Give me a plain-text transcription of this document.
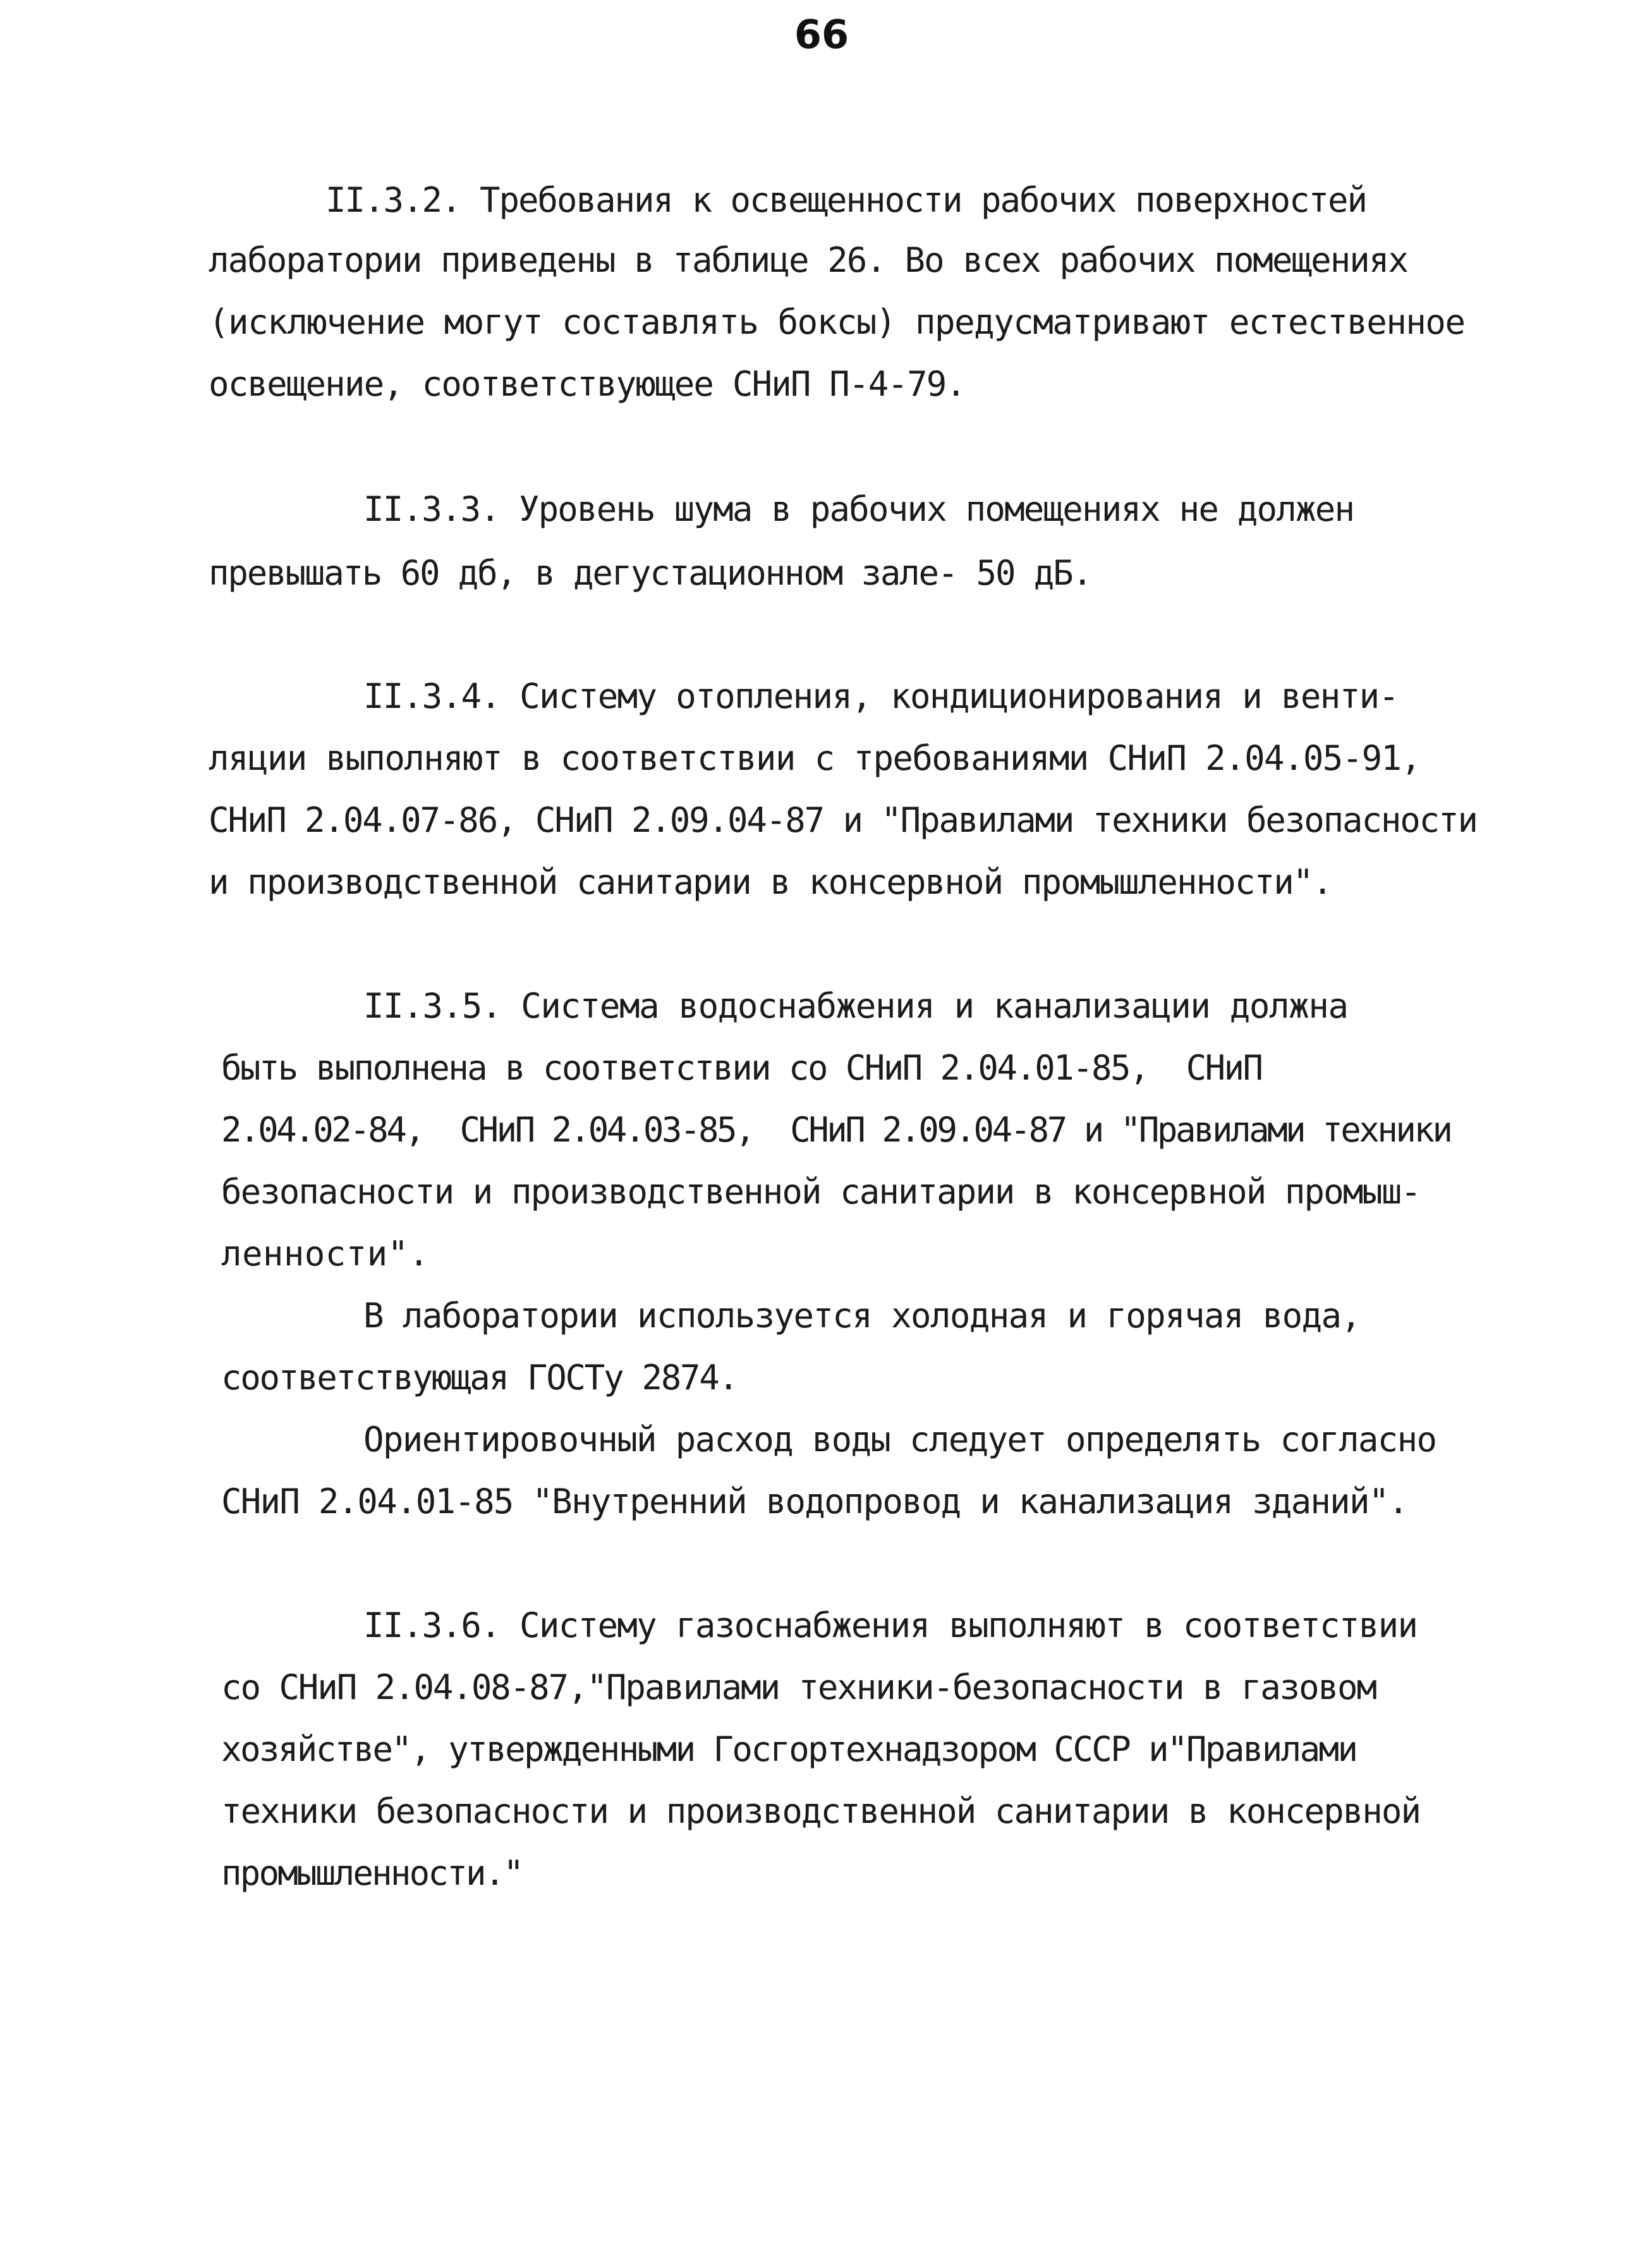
66
II.3.2. Требования к освещенности рабочих поверхностей
лаборатории приведены в таблице 26. Во всех рабочих помещениях
(исключение могут составлять боксы) предусматривают естественное
освещение, соответствующее СНиП П-4-79.
II.3.3. Уровень шума в рабочих помещениях не должен
превышать 60 дб, в дегустационном зале- 50 дБ.
II.3.4. Систему отопления, кондиционирования и венти-
ляции выполняют в соответствии с требованиями СНиП 2.04.05-91,
СНиП 2.04.07-86, СНиП 2.09.04-87 и "Правилами техники безопасности
и производственной санитарии в консервной промышленности".
II.3.5. Система водоснабжения и канализации должна
быть выполнена в соответствии со СНиП 2.04.01-85,  СНиП
2.04.02-84,  СНиП 2.04.03-85,  СНиП 2.09.04-87 и "Правилами техники
безопасности и производственной санитарии в консервной промыш-
ленности".
В лаборатории используется холодная и горячая вода,
соответствующая ГОСТу 2874.
Ориентировочный расход воды следует определять согласно
СНиП 2.04.01-85 "Внутренний водопровод и канализация зданий".
II.3.6. Систему газоснабжения выполняют в соответствии
со СНиП 2.04.08-87,"Правилами техники-безопасности в газовом
хозяйстве", утвержденными Госгортехнадзором СССР и"Правилами
техники безопасности и производственной санитарии в консервной
промышленности."
